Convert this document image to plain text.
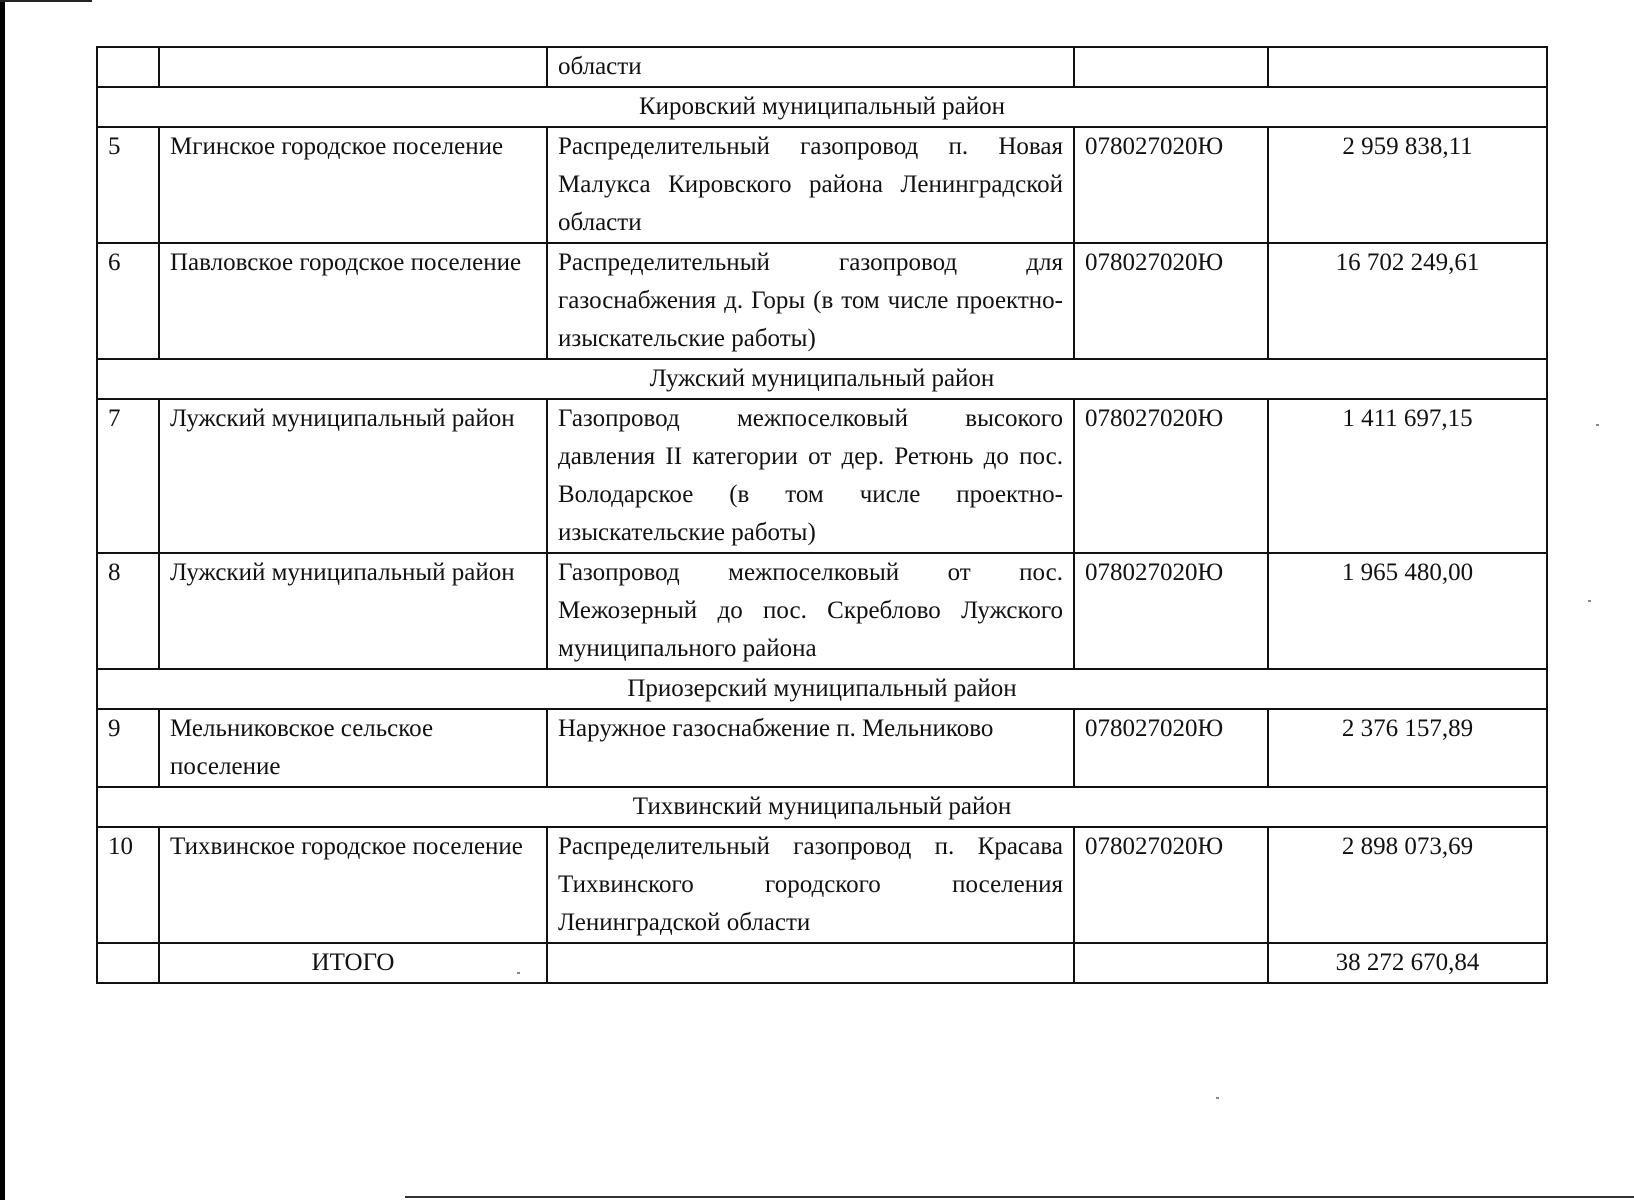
		области		
Кировский муниципальный район				
5	Мгинское городское поселение	Распределительный газопровод п. Новая Малукса Кировского района Ленинградской области	078027020Ю	2 959 838,11
6	Павловское городское поселение	Распределительный газопровод для газоснабжения д. Горы (в том числе проектно-изыскательские работы)	078027020Ю	16 702 249,61
Лужский муниципальный район				
7	Лужский муниципальный район	Газопровод межпоселковый высокого давления II категории от дер. Ретюнь до пос. Володарское (в том числе проектно-изыскательские работы)	078027020Ю	1 411 697,15
8	Лужский муниципальный район	Газопровод межпоселковый от пос. Межозерный до пос. Скреблово Лужского муниципального района	078027020Ю	1 965 480,00
Приозерский муниципальный район				
9	Мельниковское сельское поселение	Наружное газоснабжение п. Мельниково	078027020Ю	2 376 157,89
Тихвинский муниципальный район				
10	Тихвинское городское поселение	Распределительный газопровод п. Красава Тихвинского городского поселения Ленинградской области	078027020Ю	2 898 073,69
	ИТОГО			38 272 670,84
